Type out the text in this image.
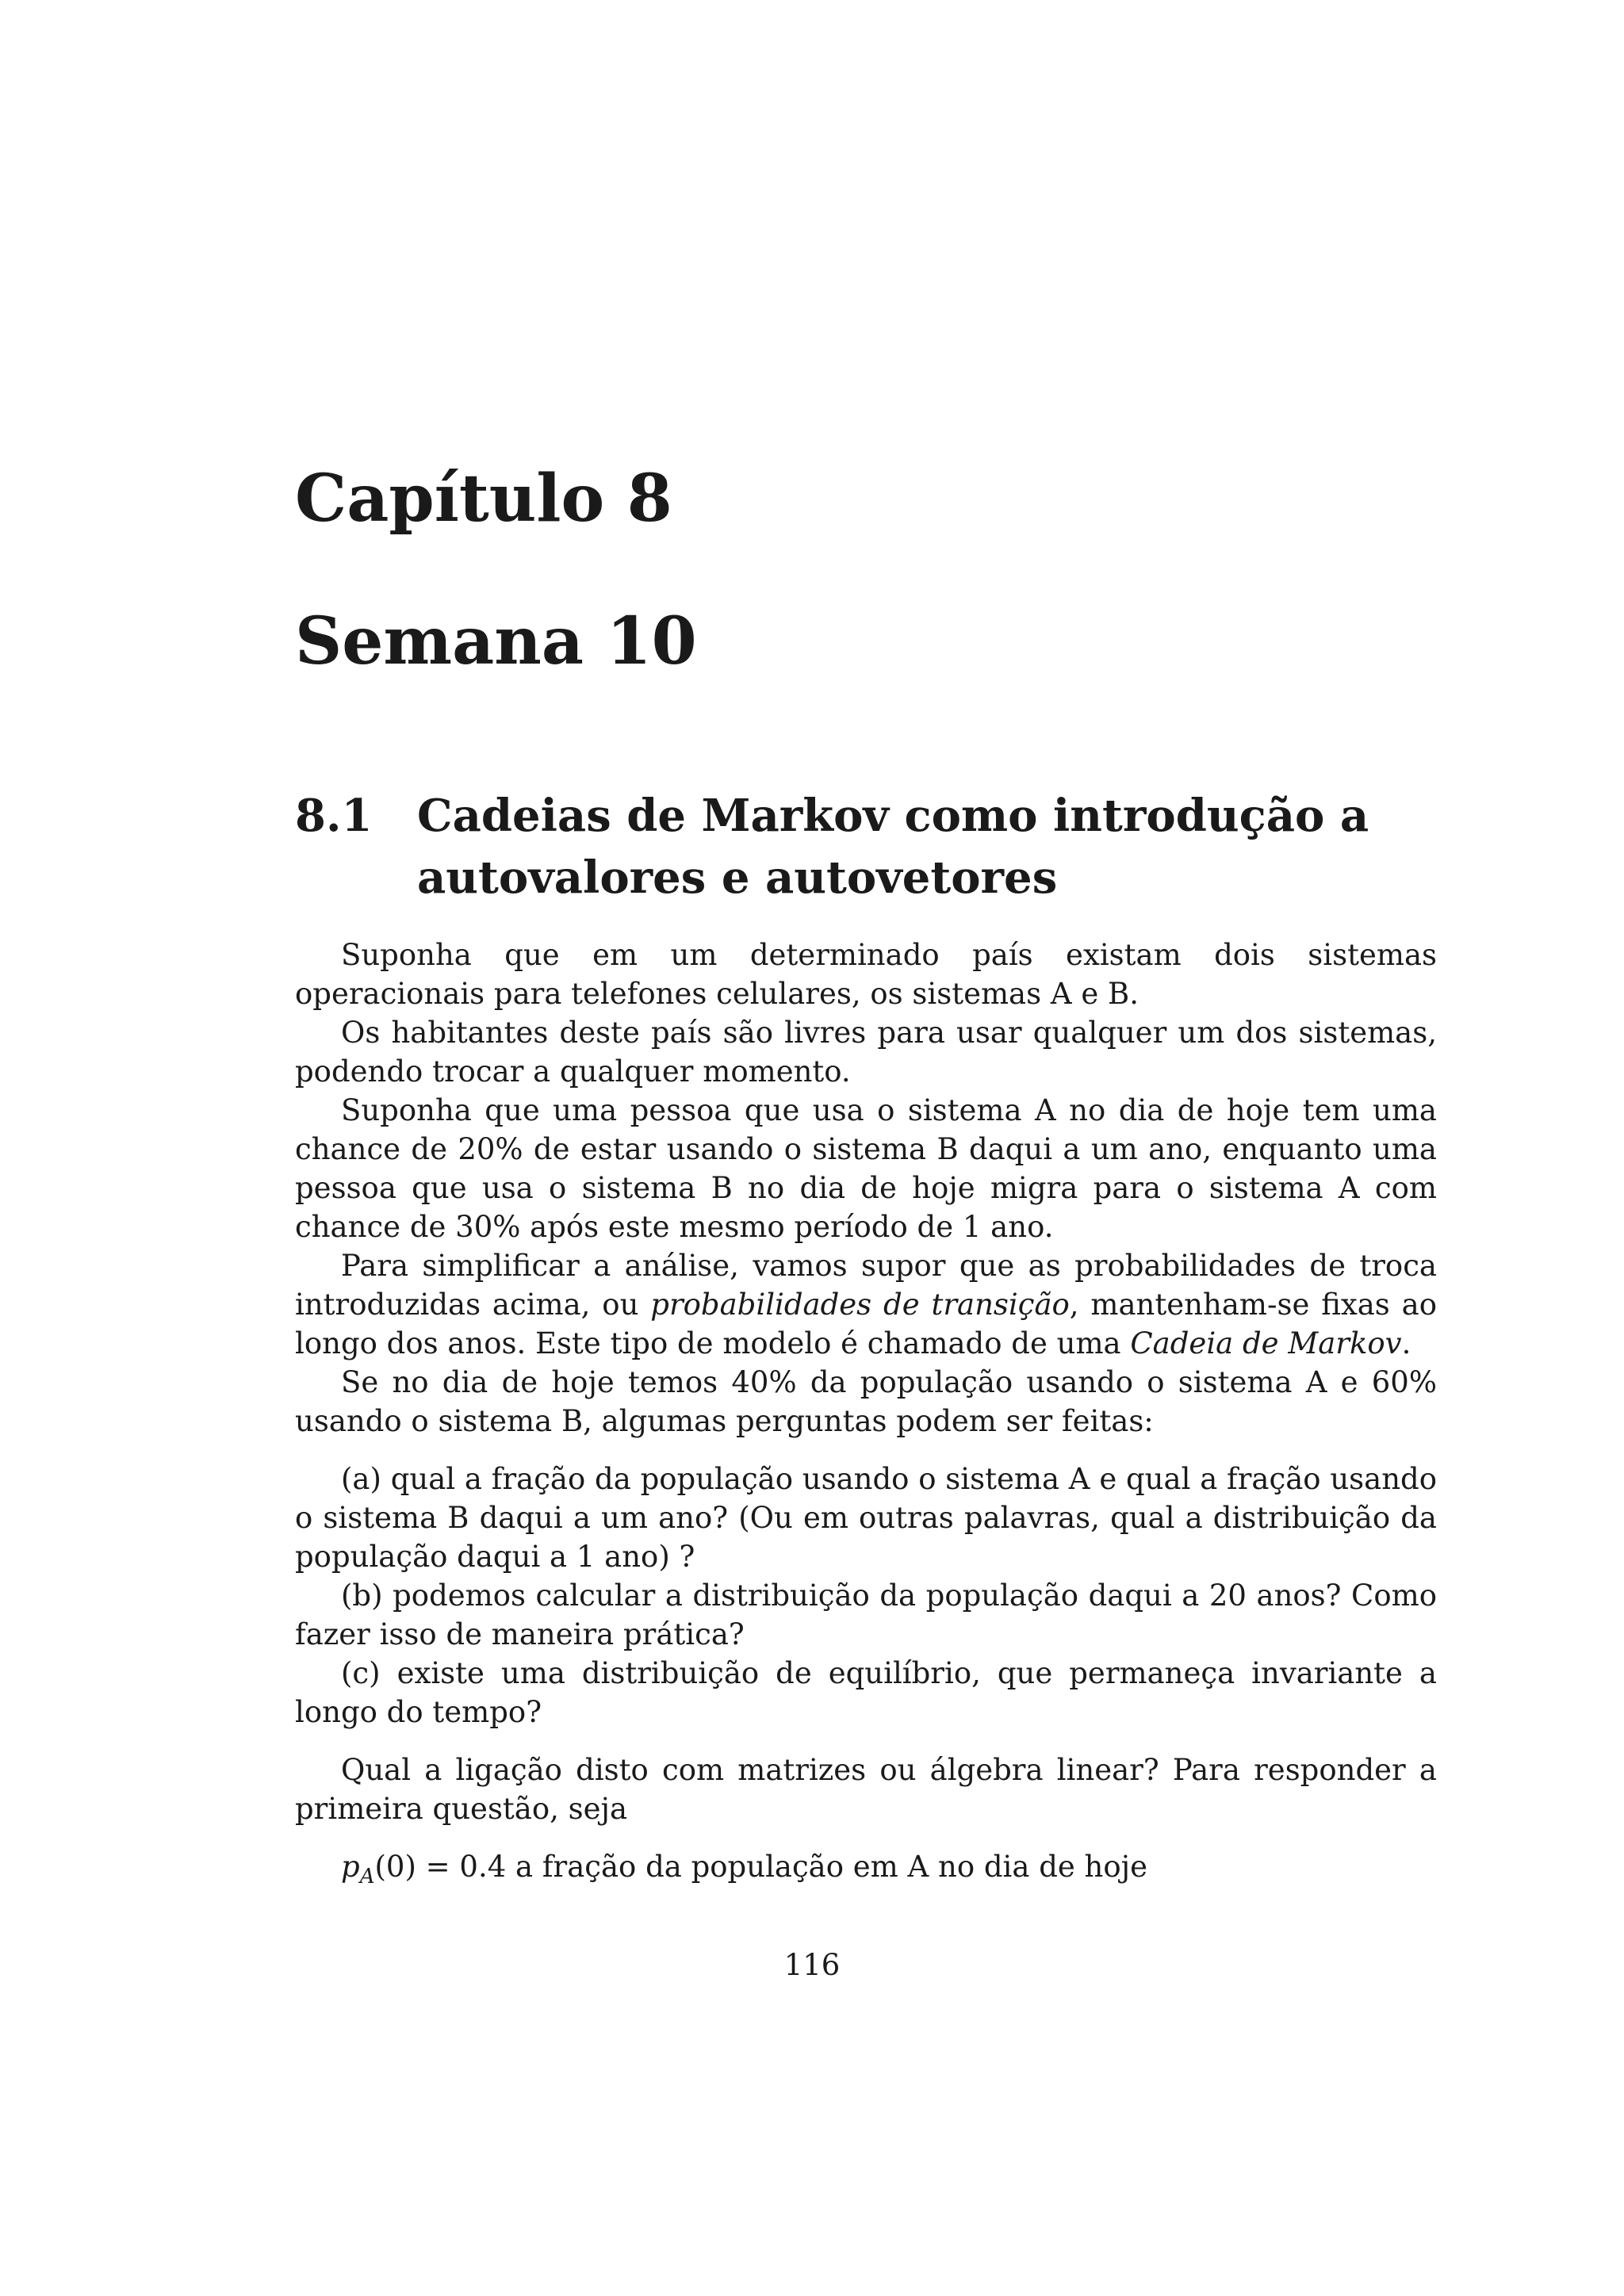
Capítulo 8
Semana 10
8.1 Cadeias de Markov como introdução a autovalores e autovetores

Suponha que em um determinado país existam dois sistemas operacionais para telefones celulares, os sistemas A e B.

Os habitantes deste país são livres para usar qualquer um dos sistemas, podendo trocar a qualquer momento.

Suponha que uma pessoa que usa o sistema A no dia de hoje tem uma chance de 20% de estar usando o sistema B daqui a um ano, enquanto uma pessoa que usa o sistema B no dia de hoje migra para o sistema A com chance de 30% após este mesmo período de 1 ano.

Para simplificar a análise, vamos supor que as probabilidades de troca introduzidas acima, ou probabilidades de transição, mantenham-se fixas ao longo dos anos. Este tipo de modelo é chamado de uma Cadeia de Markov.

Se no dia de hoje temos 40% da população usando o sistema A e 60% usando o sistema B, algumas perguntas podem ser feitas:

(a) qual a fração da população usando o sistema A e qual a fração usando o sistema B daqui a um ano? (Ou em outras palavras, qual a distribuição da população daqui a 1 ano) ?

(b) podemos calcular a distribuição da população daqui a 20 anos? Como fazer isso de maneira prática?

(c) existe uma distribuição de equilíbrio, que permaneça invariante a longo do tempo?

Qual a ligação disto com matrizes ou álgebra linear? Para responder a primeira questão, seja

$p_A(0) = 0.4$ a fração da população em A no dia de hoje

116
